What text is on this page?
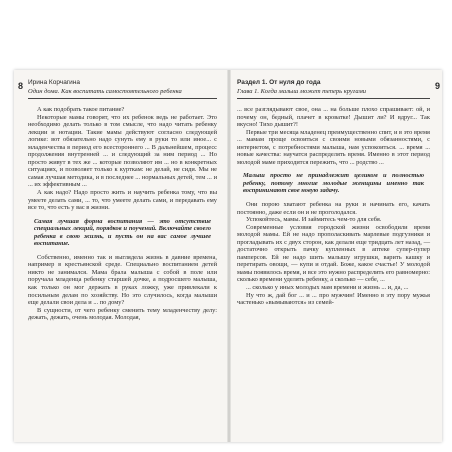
8 Ирина Корчагина
Один дома. Как воспитать самостоятельного ребенка

А как подобрать такое питание?

Некоторые мамы говорят, что их ребенок ведь не работает. Это необходимо делать только в том смысле, что надо читать ребенку лекции и нотации. Такие мамы действуют согласно следующей логике: вот обязательно надо сунуть ему в руки то или иное... с младенчества в период его всестороннего ... В дальнейшем, процесс продолжения внутренней ... и следующий за ним период ... Но просто живут в тех же ... которые позволяют им ... но в конкретных ситуациях, и позволяет только к курткам: не делай, не сиди. Мы не самая лучшая методика, и в последнее ... нормальных детей, тем ... и ... их эффективным ...

А как надо? Надо просто жить и научить ребенка тому, что вы умеете делать сами, ... то, что умеете делать сами, и передавать ему все то, что есть у вас в жизни.

Самая лучшая форма воспитания — это отсутствие специальных лекций, порядков и поучений. Включайте своего ребенка в свою жизнь, и пусть он на вас самое лучшее воспитание.

Собственно, именно так и выглядела жизнь в давние времена, например в крестьянской среде. Специально воспитанием детей никто не занимался. Мама брала малыша с собой в поле или поручала младенца ребенку старшей дочке, а подросшего малыша, как только он мог держать в руках ложку, уже привлекали к посильным делам по хозяйству. Но это случилось, когда малыши еще делали свои дела и ... по дому?

В сущности, от чего ребенку сменить тему младенчеству делу: дежать, дежать, очень молодая. Молодая,

9
Раздел 1. От нуля до года
Глава 1. Когда малыш может теперь кругами

... все разглядывают свое, она ... на больше плохо спрашивает: ой, и почему он, бедный, плачет в кроватке! Дышит ли? И вдруг... Так вкусно! Тихо дышит?!

Первые три месяца младенец преимущественно спит, и в это время ... мамам проще освоиться с своими новыми обязанностями, с интернетом, с потребностями малыша, нам успокоиться. ... время ... новые качества: научатся распределять время. Именно в этот период молодой маме приходится пережить, что ... родство ...

Малыш просто не принадлежит целиком и полностью ребенку, потому многие молодые женщины именно так воспринимают свое новую задачу.

Они порою хватают ребенка на руки и начинать его, качать постоянно, даже если он и не проголодался.

Успокойтесь, мамы. И займитесь чем-то для себя.

Современные условия городской жизни освободили время молодой мамы. Ей не надо прополаскивать марлевые подгузники и прогладывать их с двух сторон, как делали еще тридцать лет назад, — достаточно открыть пачку купленных в аптеке супер-пупер памперсов. Ей не надо шить малышу игрушки, варить кашку и перетирать овощи, — купи и отдай. Боже, какое счастье! У молодой мамы появилось время, и все это нужно распределить его равномерно: сколько времени уделять ребенку, а сколько — себе, ...

... сколько у иных молодых мам времени и жизнь ... и, да, ...

Ну что ж, дай бог ... и ... про мужчин! Именно в эту пору мужья частенько «вымываются» из семей-
